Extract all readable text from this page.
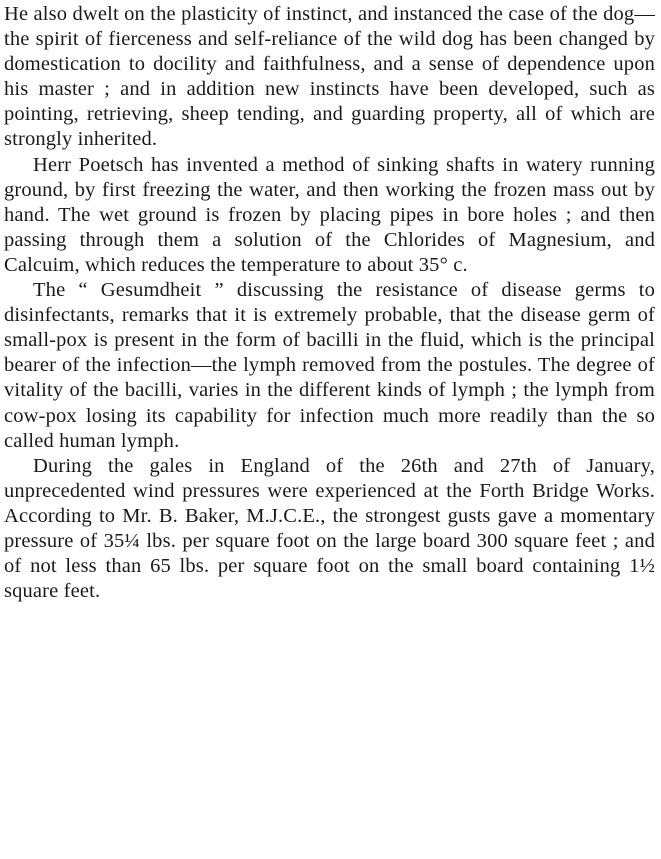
He also dwelt on the plasticity of instinct, and instanced the case of the dog—the spirit of fierceness and self-reliance of the wild dog has been changed by domestication to docility and faithfulness, and a sense of dependence upon his master ; and in addition new instincts have been developed, such as pointing, retrieving, sheep tending, and guarding property, all of which are strongly inherited.

Herr Poetsch has invented a method of sinking shafts in watery running ground, by first freezing the water, and then working the frozen mass out by hand. The wet ground is frozen by placing pipes in bore holes ; and then passing through them a solution of the Chlorides of Magnesium, and Calcuim, which reduces the temperature to about 35° c.

The “ Gesumdheit ” discussing the resistance of disease germs to disinfectants, remarks that it is extremely probable, that the disease germ of small-pox is present in the form of bacilli in the fluid, which is the principal bearer of the infection—the lymph removed from the postules. The degree of vitality of the bacilli, varies in the different kinds of lymph ; the lymph from cow-pox losing its capability for infection much more readily than the so called human lymph.

During the gales in England of the 26th and 27th of January, unprecedented wind pressures were experienced at the Forth Bridge Works. According to Mr. B. Baker, M.J.C.E., the strongest gusts gave a momentary pressure of 35¼ lbs. per square foot on the large board 300 square feet ; and of not less than 65 lbs. per square foot on the small board containing 1½ square feet.
